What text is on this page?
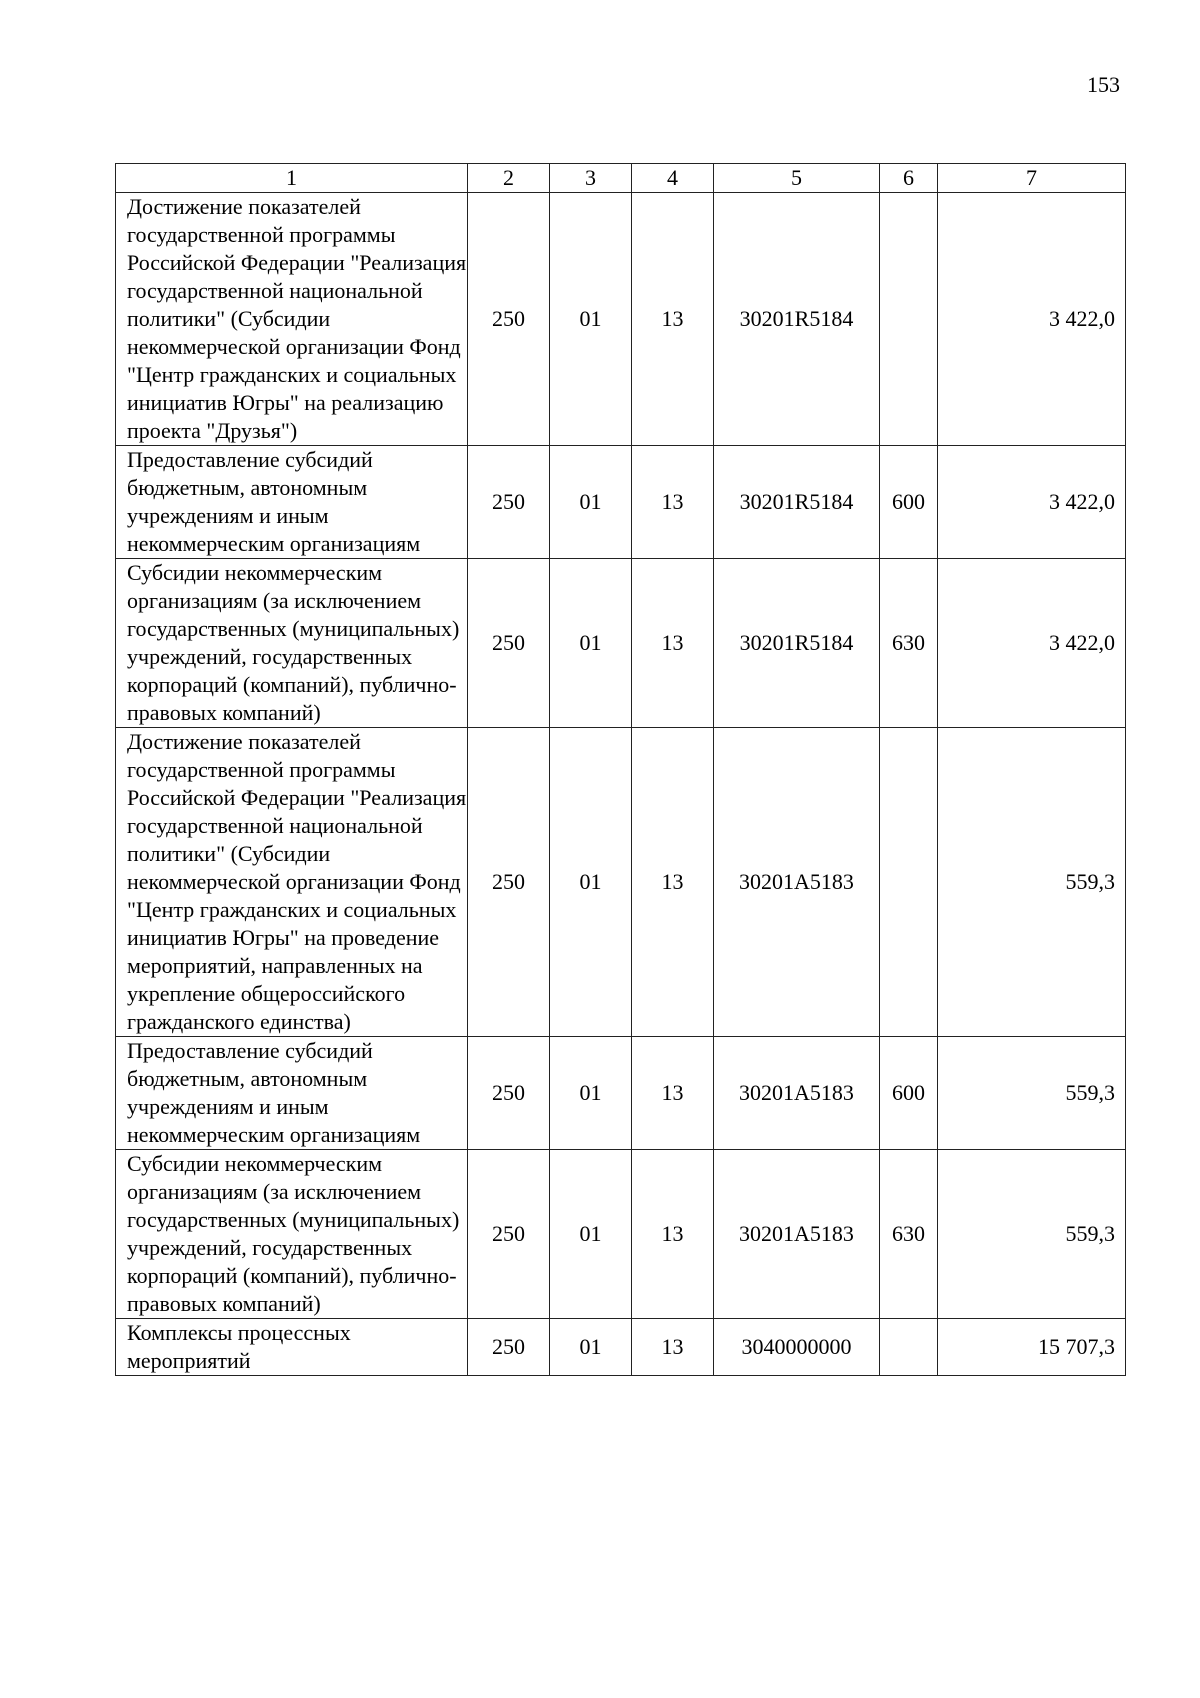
153
1	2	3	4	5	6	7
Достижение показателей государственной программы Российской Федерации "Реализация государственной национальной политики" (Субсидии некоммерческой организации Фонд "Центр гражданских и социальных инициатив Югры" на реализацию проекта "Друзья")	250	01	13	30201R5184		3 422,0
Предоставление субсидий бюджетным, автономным учреждениям и иным некоммерческим организациям	250	01	13	30201R5184	600	3 422,0
Субсидии некоммерческим организациям (за исключением государственных (муниципальных) учреждений, государственных корпораций (компаний), публично-правовых компаний)	250	01	13	30201R5184	630	3 422,0
Достижение показателей государственной программы Российской Федерации "Реализация государственной национальной политики" (Субсидии некоммерческой организации Фонд "Центр гражданских и социальных инициатив Югры" на проведение мероприятий, направленных на укрепление общероссийского гражданского единства)	250	01	13	30201A5183		559,3
Предоставление субсидий бюджетным, автономным учреждениям и иным некоммерческим организациям	250	01	13	30201A5183	600	559,3
Субсидии некоммерческим организациям (за исключением государственных (муниципальных) учреждений, государственных корпораций (компаний), публично-правовых компаний)	250	01	13	30201A5183	630	559,3
Комплексы процессных мероприятий	250	01	13	3040000000		15 707,3
